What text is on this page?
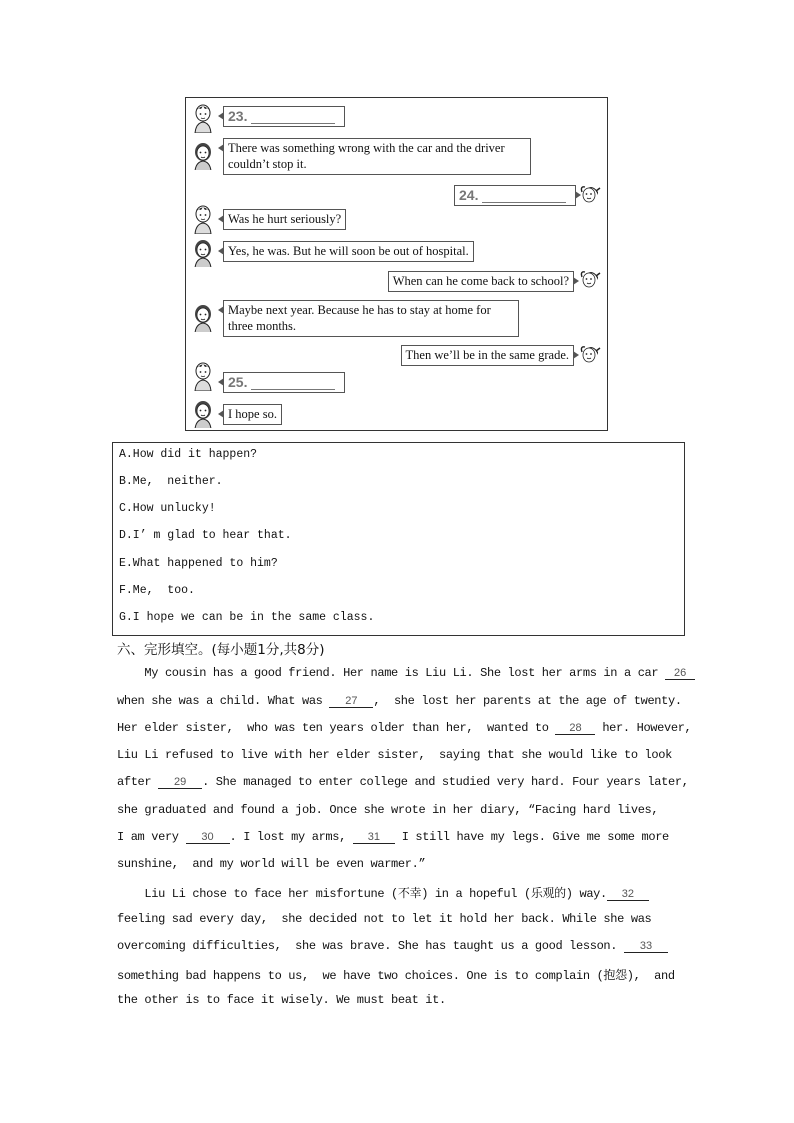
23.
There was something wrong with the car and the driver couldn’t stop it.
24.
Was he hurt seriously?
Yes, he was. But he will soon be out of hospital.
When can he come back to school?
Maybe next year. Because he has to stay at home for three months.
Then we’ll be in the same grade.
25.
I hope so.
A.How did it happen?
B.Me,  neither.
C.How unlucky!
D.I’ m glad to hear that.
E.What happened to him?
F.Me,  too.
G.I hope we can be in the same class.
六、完形填空。(每小题1分,共8分)
My cousin has a good friend. Her name is Liu Li. She lost her arms in a car 26
when she was a child. What was 27 ,  she lost her parents at the age of twenty.
Her elder sister,  who was ten years older than her,  wanted to 28 her. However,
Liu Li refused to live with her elder sister,  saying that she would like to look
after 29 . She managed to enter college and studied very hard. Four years later,
she graduated and found a job. Once she wrote in her diary, “Facing hard lives,
I am very 30 . I lost my arms, 31 I still have my legs. Give me some more
sunshine,  and my world will be even warmer.”
Liu Li chose to face her misfortune (不幸) in a hopeful (乐观的) way. 32
feeling sad every day,  she decided not to let it hold her back. While she was
overcoming difficulties,  she was brave. She has taught us a good lesson. 33
something bad happens to us,  we have two choices. One is to complain (抱怨),  and
the other is to face it wisely. We must beat it.
